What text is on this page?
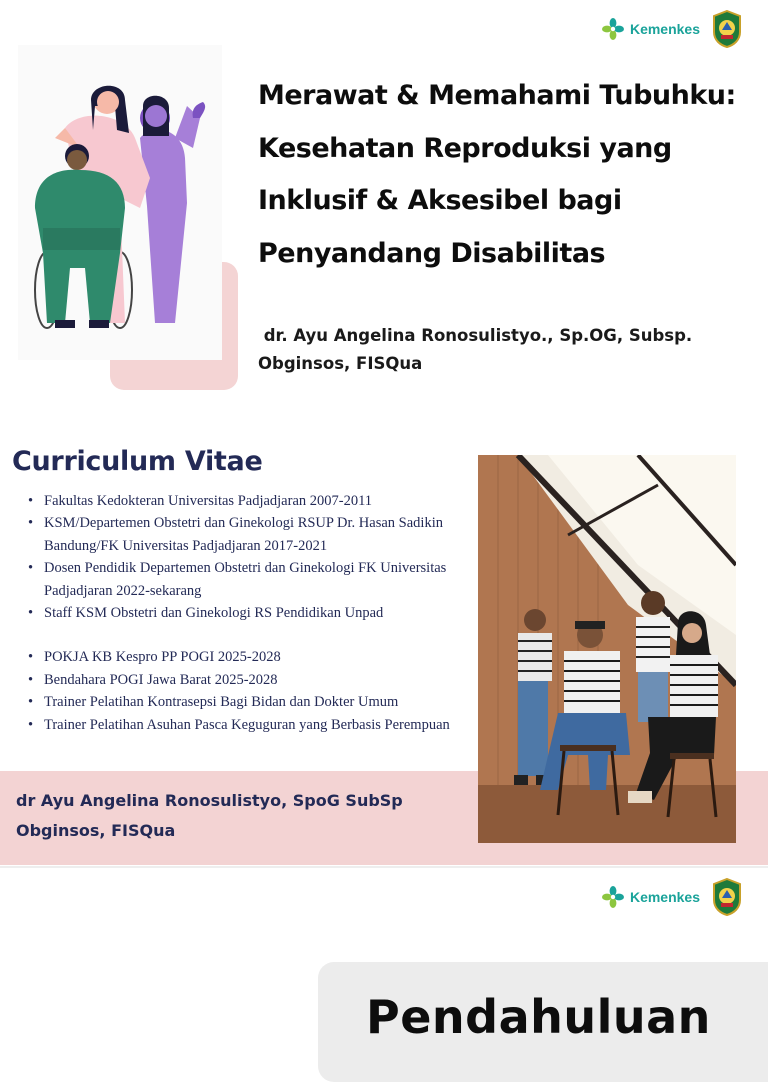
Kemenkes
Merawat & Memahami Tubuhku:
Kesehatan Reproduksi yang
Inklusif & Aksesibel bagi
Penyandang Disabilitas

dr. Ayu Angelina Ronosulistyo., Sp.OG, Subsp.
Obginsos, FISQua

Curriculum Vitae
• Fakultas Kedokteran Universitas Padjadjaran 2007-2011
• KSM/Departemen Obstetri dan Ginekologi RSUP Dr. Hasan Sadikin Bandung/FK Universitas Padjadjaran 2017-2021
• Dosen Pendidik Departemen Obstetri dan Ginekologi FK Universitas Padjadjaran 2022-sekarang
• Staff KSM Obstetri dan Ginekologi RS Pendidikan Unpad
• POKJA KB Kespro PP POGI 2025-2028
• Bendahara POGI Jawa Barat 2025-2028
• Trainer Pelatihan Kontrasepsi Bagi Bidan dan Dokter Umum
• Trainer Pelatihan Asuhan Pasca Keguguran yang Berbasis Perempuan

dr Ayu Angelina Ronosulistyo, SpoG SubSp
Obginsos, FISQua

Kemenkes
Pendahuluan
